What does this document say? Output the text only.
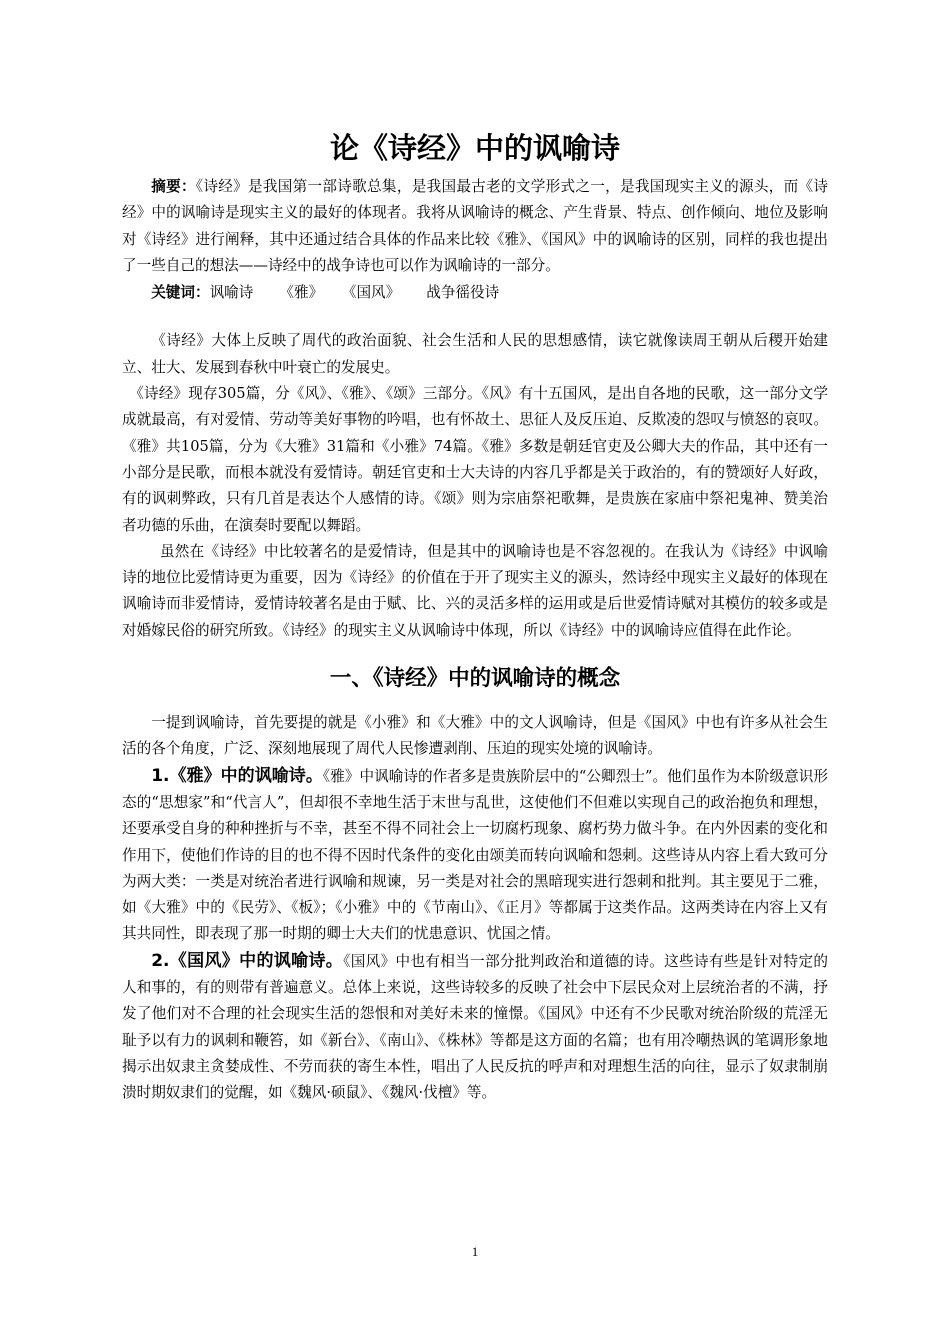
论《诗经》中的讽喻诗

摘要：《诗经》是我国第一部诗歌总集，是我国最古老的文学形式之一，是我国现实主义的源头，而《诗经》中的讽喻诗是现实主义的最好的体现者。我将从讽喻诗的概念、产生背景、特点、创作倾向、地位及影响对《诗经》进行阐释，其中还通过结合具体的作品来比较《雅》、《国风》中的讽喻诗的区别，同样的我也提出了一些自己的想法——诗经中的战争诗也可以作为讽喻诗的一部分。

关键词：讽喻诗 《雅》 《国风》 战争徭役诗

《诗经》大体上反映了周代的政治面貌、社会生活和人民的思想感情，读它就像读周王朝从后稷开始建立、壮大、发展到春秋中叶衰亡的发展史。

《诗经》现存305篇，分《风》、《雅》、《颂》三部分。《风》有十五国风，是出自各地的民歌，这一部分文学成就最高，有对爱情、劳动等美好事物的吟唱，也有怀故土、思征人及反压迫、反欺凌的怨叹与愤怒的哀叹。《雅》共105篇，分为《大雅》31篇和《小雅》74篇。《雅》多数是朝廷官吏及公卿大夫的作品，其中还有一小部分是民歌，而根本就没有爱情诗。朝廷官吏和士大夫诗的内容几乎都是关于政治的，有的赞颂好人好政，有的讽刺弊政，只有几首是表达个人感情的诗。《颂》则为宗庙祭祀歌舞，是贵族在家庙中祭祀鬼神、赞美治者功德的乐曲，在演奏时要配以舞蹈。

虽然在《诗经》中比较著名的是爱情诗，但是其中的讽喻诗也是不容忽视的。在我认为《诗经》中讽喻诗的地位比爱情诗更为重要，因为《诗经》的价值在于开了现实主义的源头，然诗经中现实主义最好的体现在讽喻诗而非爱情诗，爱情诗较著名是由于赋、比、兴的灵活多样的运用或是后世爱情诗赋对其模仿的较多或是对婚嫁民俗的研究所致。《诗经》的现实主义从讽喻诗中体现，所以《诗经》中的讽喻诗应值得在此作论。

一、《诗经》中的讽喻诗的概念

一提到讽喻诗，首先要提的就是《小雅》和《大雅》中的文人讽喻诗，但是《国风》中也有许多从社会生活的各个角度，广泛、深刻地展现了周代人民惨遭剥削、压迫的现实处境的讽喻诗。

1.《雅》中的讽喻诗。《雅》中讽喻诗的作者多是贵族阶层中的“公卿烈士”。他们虽作为本阶级意识形态的“思想家”和“代言人”，但却很不幸地生活于末世与乱世，这使他们不但难以实现自己的政治抱负和理想，还要承受自身的种种挫折与不幸，甚至不得不同社会上一切腐朽现象、腐朽势力做斗争。在内外因素的变化和作用下，使他们作诗的目的也不得不因时代条件的变化由颂美而转向讽喻和怨刺。这些诗从内容上看大致可分为两大类：一类是对统治者进行讽喻和规谏，另一类是对社会的黑暗现实进行怨刺和批判。其主要见于二雅，如《大雅》中的《民劳》、《板》；《小雅》中的《节南山》、《正月》等都属于这类作品。这两类诗在内容上又有其共同性，即表现了那一时期的卿士大夫们的忧患意识、忧国之情。

2.《国风》中的讽喻诗。《国风》中也有相当一部分批判政治和道德的诗。这些诗有些是针对特定的人和事的，有的则带有普遍意义。总体上来说，这些诗较多的反映了社会中下层民众对上层统治者的不满，抒发了他们对不合理的社会现实生活的怨恨和对美好未来的憧憬。《国风》中还有不少民歌对统治阶级的荒淫无耻予以有力的讽刺和鞭笞，如《新台》、《南山》、《株林》等都是这方面的名篇；也有用冷嘲热讽的笔调形象地揭示出奴隶主贪婪成性、不劳而获的寄生本性，唱出了人民反抗的呼声和对理想生活的向往，显示了奴隶制崩溃时期奴隶们的觉醒，如《魏风·硕鼠》、《魏风·伐檀》等。

1
